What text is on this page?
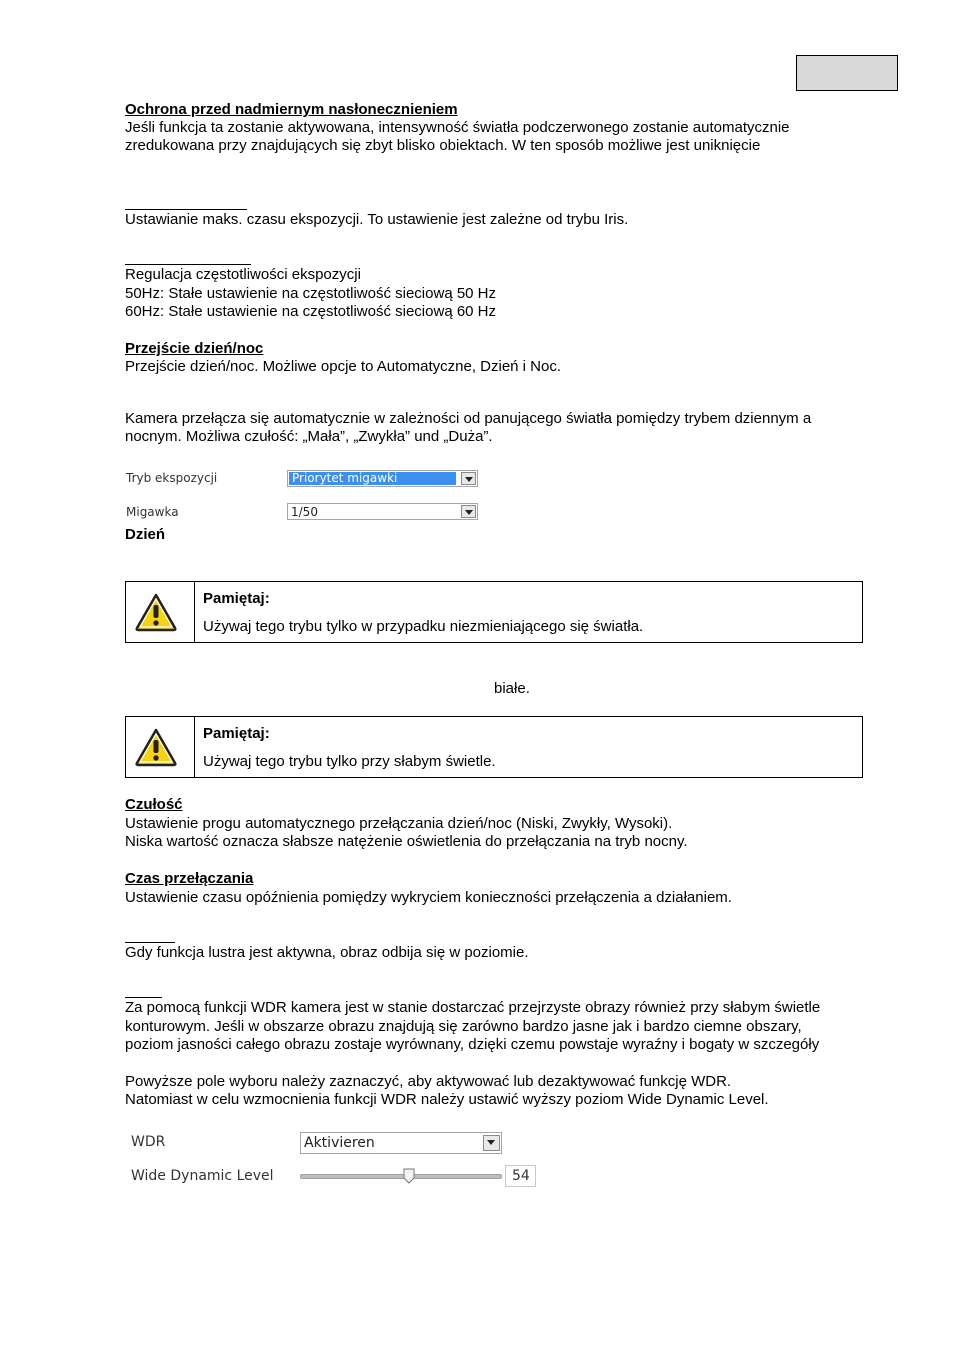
Ochrona przed nadmiernym nasłonecznieniem
Jeśli funkcja ta zostanie aktywowana, intensywność światła podczerwonego zostanie automatycznie
zredukowana przy znajdujących się zbyt blisko obiektach. W ten sposób możliwe jest uniknięcie
Ustawianie maks. czasu ekspozycji. To ustawienie jest zależne od trybu Iris.
Regulacja częstotliwości ekspozycji
50Hz: Stałe ustawienie na częstotliwość sieciową 50 Hz
60Hz: Stałe ustawienie na częstotliwość sieciową 60 Hz
Przejście dzień/noc
Przejście dzień/noc. Możliwe opcje to Automatyczne, Dzień i Noc.
Kamera przełącza się automatycznie w zależności od panującego światła pomiędzy trybem dziennym a
nocnym. Możliwa czułość: „Mała”, „Zwykła” und „Duża”.
Tryb ekspozycji	Priorytet migawki
Migawka	1/50
Dzień
Pamiętaj:
Używaj tego trybu tylko w przypadku niezmieniającego się światła.
białe.
Pamiętaj:
Używaj tego trybu tylko przy słabym świetle.
Czułość
Ustawienie progu automatycznego przełączania dzień/noc (Niski, Zwykły, Wysoki).
Niska wartość oznacza słabsze natężenie oświetlenia do przełączania na tryb nocny.
Czas przełączania
Ustawienie czasu opóźnienia pomiędzy wykryciem konieczności przełączenia a działaniem.
Gdy funkcja lustra jest aktywna, obraz odbija się w poziomie.
Za pomocą funkcji WDR kamera jest w stanie dostarczać przejrzyste obrazy również przy słabym świetle
konturowym. Jeśli w obszarze obrazu znajdują się zarówno bardzo jasne jak i bardzo ciemne obszary,
poziom jasności całego obrazu zostaje wyrównany, dzięki czemu powstaje wyraźny i bogaty w szczegóły
Powyższe pole wyboru należy zaznaczyć, aby aktywować lub dezaktywować funkcję WDR.
Natomiast w celu wzmocnienia funkcji WDR należy ustawić wyższy poziom Wide Dynamic Level.
WDR	Aktivieren
Wide Dynamic Level	54
